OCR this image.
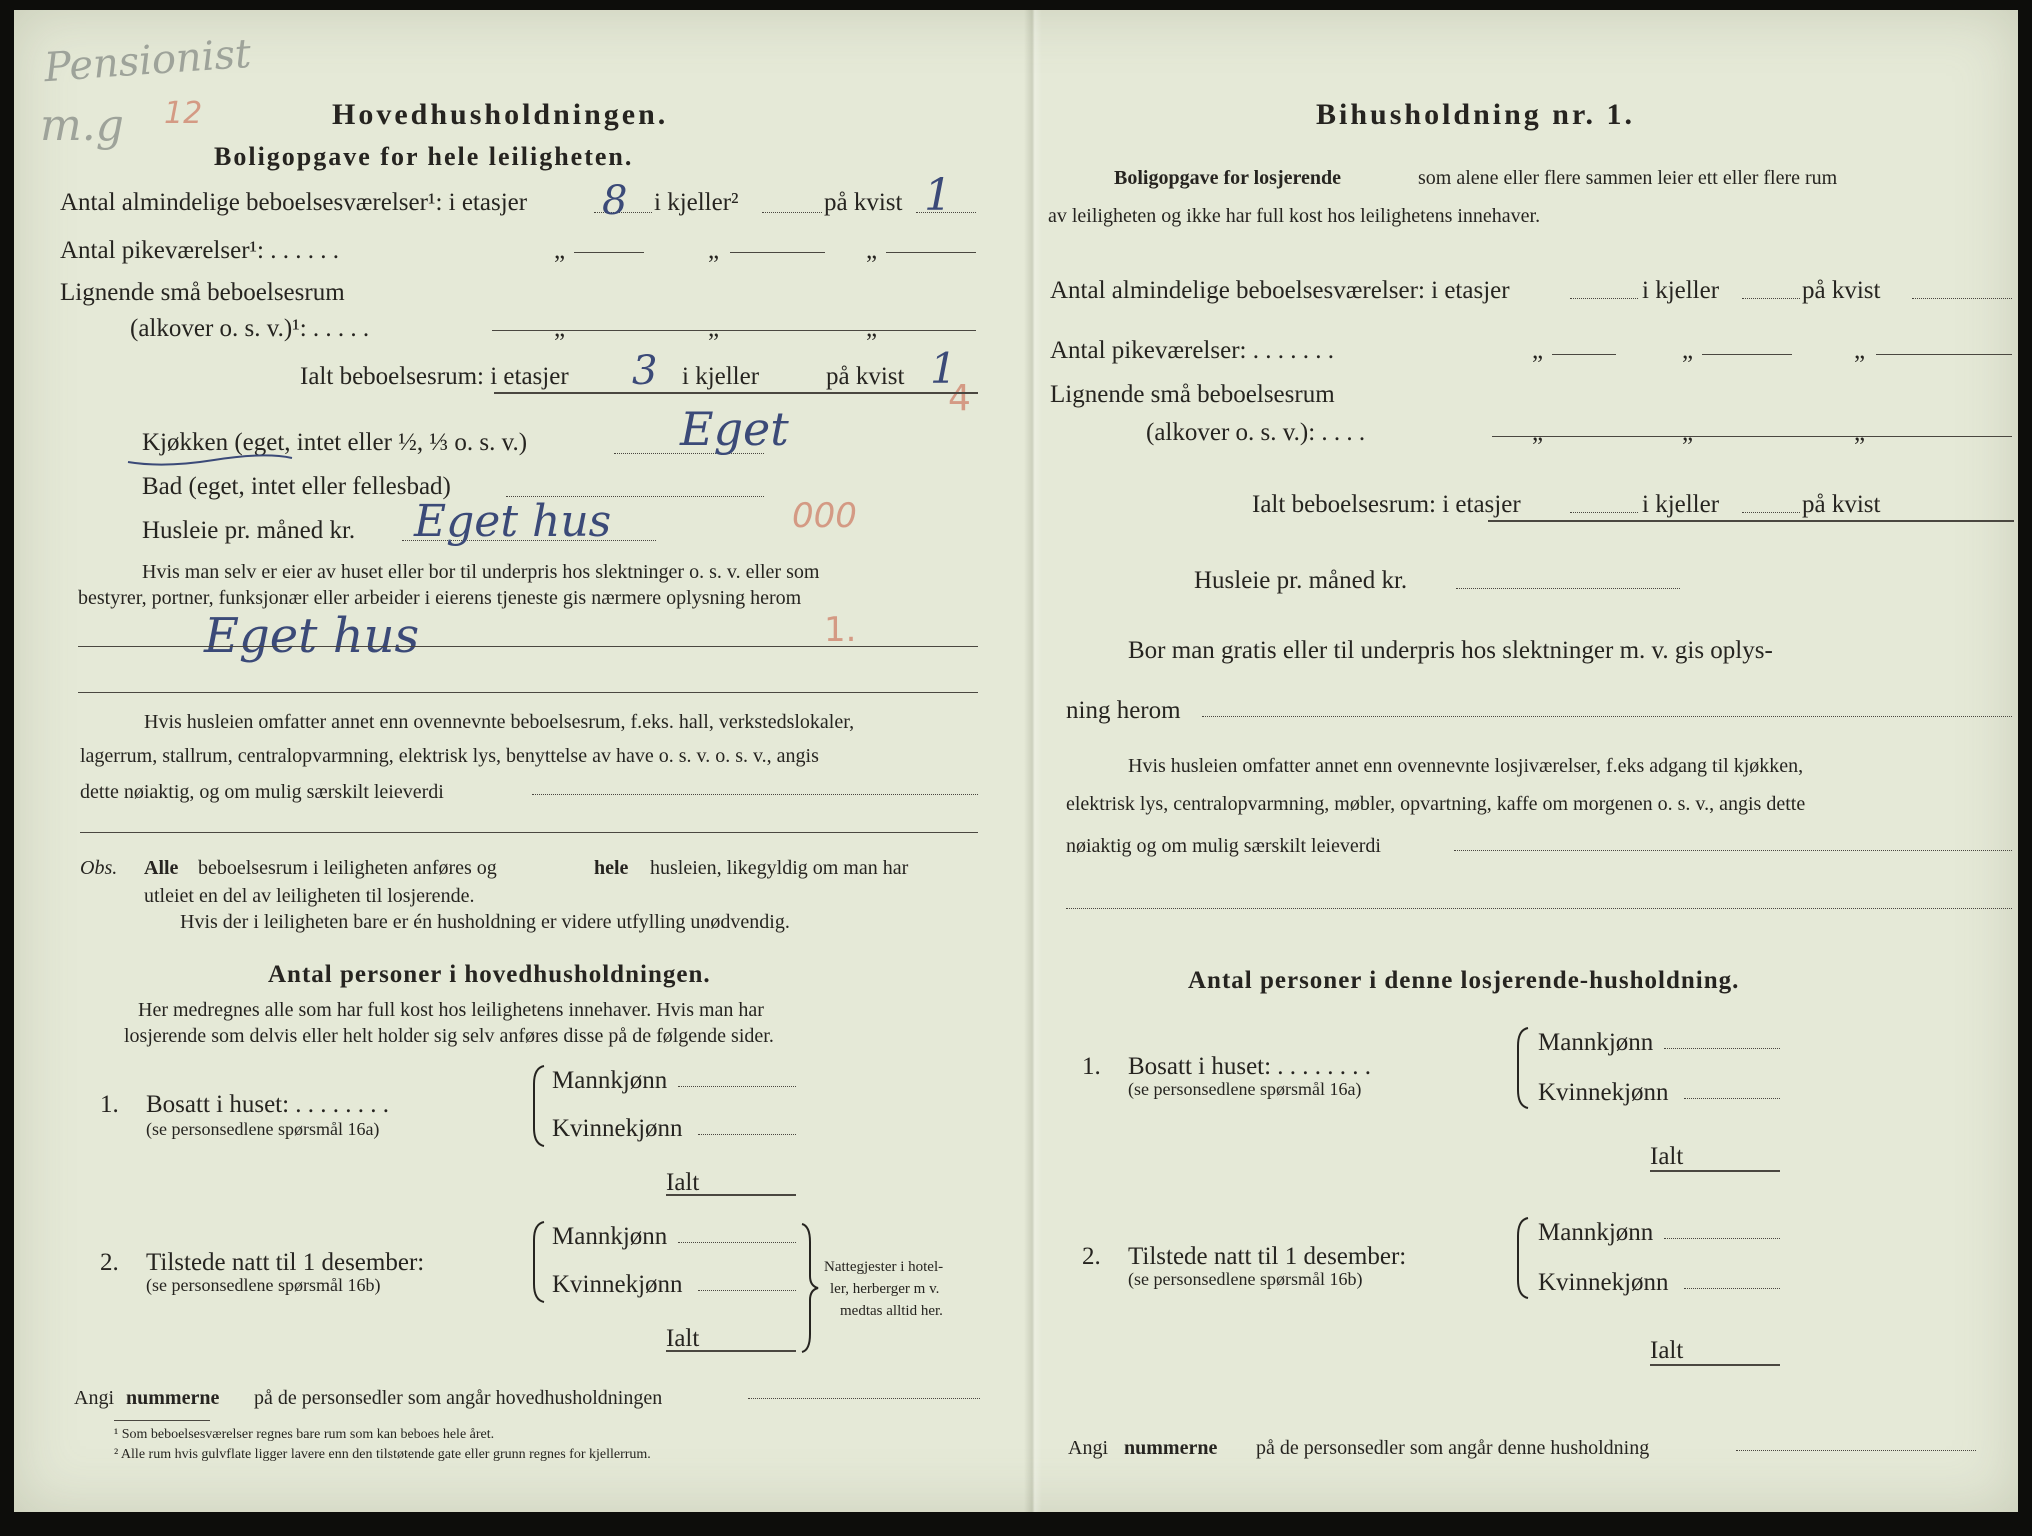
Pensionist
m.g 12	Hovedhusholdningen.
Boligopgave for hele leiligheten.
Antal almindelige beboelsesværelser¹: i etasjer 8 i kjeller²	på kvist 1
Antal pikeværelser¹: . . . . . .	„	„	„
Lignende små beboelsesrum
(alkover o. s. v.)¹: . . . . .	„	„	„
Ialt beboelsesrum: i etasjer 3 i kjeller	på kvist 1
4
Kjøkken (eget, intet eller ½, ⅓ o. s. v.)	Eget
Bad (eget, intet eller fellesbad)
Husleie pr. måned kr. Eget hus	000
Hvis man selv er eier av huset eller bor til underpris hos slektninger o. s. v. eller som
bestyrer, portner, funksjonær eller arbeider i eierens tjeneste gis nærmere oplysning herom
Eget hus	1.
Hvis husleien omfatter annet enn ovennevnte beboelsesrum, f.eks. hall, verkstedslokaler,
lagerrum, stallrum, centralopvarmning, elektrisk lys, benyttelse av have o. s. v. o. s. v., angis
dette nøiaktig, og om mulig særskilt leieverdi
Obs. Alle beboelsesrum i leiligheten anføres og	hele husleien, likegyldig om man har
utleiet en del av leiligheten til losjerende.
Hvis der i leiligheten bare er én husholdning er videre utfylling unødvendig.
Antal personer i hovedhusholdningen.
Her medregnes alle som har full kost hos leilighetens innehaver. Hvis man har
losjerende som delvis eller helt holder sig selv anføres disse på de følgende sider.
1. Bosatt i huset: . . . . . . . .
(se personsedlene spørsmål 16a)
Mannkjønn
Kvinnekjønn
Ialt
2. Tilstede natt til 1 desember:
(se personsedlene spørsmål 16b)
Mannkjønn
Kvinnekjønn
Ialt
Nattegjester i hotel-
ler, herberger m v.
medtas alltid her.
Angi nummerne på de personsedler som angår hovedhusholdningen
¹ Som beboelsesværelser regnes bare rum som kan beboes hele året.
² Alle rum hvis gulvflate ligger lavere enn den tilstøtende gate eller grunn regnes for kjellerrum.
Bihusholdning nr. 1.
Boligopgave for losjerende	som alene eller flere sammen leier ett eller flere rum
av leiligheten og ikke har full kost hos leilighetens innehaver.
Antal almindelige beboelsesværelser: i etasjer	i kjeller	på kvist
Antal pikeværelser: . . . . . . .	„	„	„
Lignende små beboelsesrum
(alkover o. s. v.): . . . .	„	„	„
Ialt beboelsesrum: i etasjer	i kjeller	på kvist
Husleie pr. måned kr.
Bor man gratis eller til underpris hos slektninger m. v. gis oplys-
ning herom
Hvis husleien omfatter annet enn ovennevnte losjiværelser, f.eks adgang til kjøkken,
elektrisk lys, centralopvarmning, møbler, opvartning, kaffe om morgenen o. s. v., angis dette
nøiaktig og om mulig særskilt leieverdi
Antal personer i denne losjerende-husholdning.
1. Bosatt i huset: . . . . . . . .
(se personsedlene spørsmål 16a)
Mannkjønn
Kvinnekjønn
Ialt
2. Tilstede natt til 1 desember:
(se personsedlene spørsmål 16b)
Mannkjønn
Kvinnekjønn
Ialt
Angi nummerne på de personsedler som angår denne husholdning
